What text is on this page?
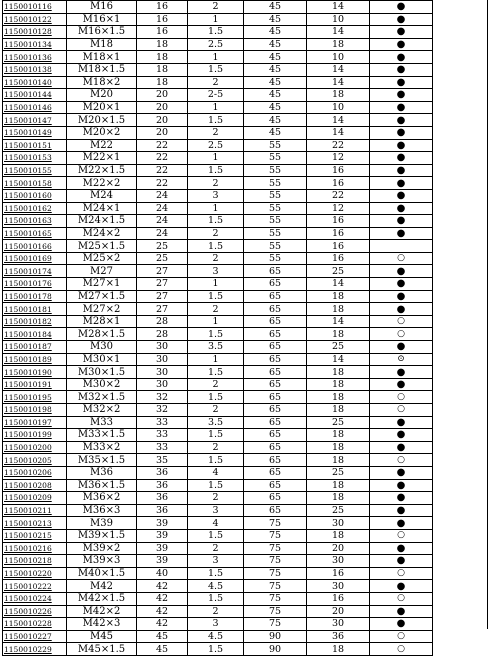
1150010116	M16	16	2	45	14	●
1150010122	M16×1	16	1	45	10	●
1150010128	M16×1.5	16	1.5	45	14	●
1150010134	M18	18	2.5	45	18	●
1150010136	M18×1	18	1	45	10	●
1150010138	M18×1.5	18	1.5	45	14	●
1150010140	M18×2	18	2	45	14	●
1150010144	M20	20	2-5	45	18	●
1150010146	M20×1	20	1	45	10	●
1150010147	M20×1.5	20	1.5	45	14	●
1150010149	M20×2	20	2	45	14	●
1150010151	M22	22	2.5	55	22	●
1150010153	M22×1	22	1	55	12	●
1150010155	M22×1.5	22	1.5	55	16	●
1150010158	M22×2	22	2	55	16	●
1150010160	M24	24	3	55	22	●
1150010162	M24×1	24	1	55	12	●
1150010163	M24×1.5	24	1.5	55	16	●
1150010165	M24×2	24	2	55	16	●
1150010166	M25×1.5	25	1.5	55	16	
1150010169	M25×2	25	2	55	16	○
1150010174	M27	27	3	65	25	●
1150010176	M27×1	27	1	65	14	●
1150010178	M27×1.5	27	1.5	65	18	●
1150010181	M27×2	27	2	65	18	●
1150010182	M28×1	28	1	65	14	○
1150010184	M28×1.5	28	1.5	65	18	○
1150010187	M30	30	3.5	65	25	●
1150010189	M30×1	30	1	65	14	⊙
1150010190	M30×1.5	30	1.5	65	18	●
1150010191	M30×2	30	2	65	18	●
1150010195	M32×1.5	32	1.5	65	18	○
1150010198	M32×2	32	2	65	18	○
1150010197	M33	33	3.5	65	25	●
1150010199	M33×1.5	33	1.5	65	18	●
1150010200	M33×2	33	2	65	18	●
1150010205	M35×1.5	35	1.5	65	18	○
1150010206	M36	36	4	65	25	●
1150010208	M36×1.5	36	1.5	65	18	●
1150010209	M36×2	36	2	65	18	●
1150010211	M36×3	36	3	65	25	●
1150010213	M39	39	4	75	30	●
1150010215	M39×1.5	39	1.5	75	18	○
1150010216	M39×2	39	2	75	20	●
1150010218	M39×3	39	3	75	30	●
1150010220	M40×1.5	40	1.5	75	16	○
1150010222	M42	42	4.5	75	30	●
1150010224	M42×1.5	42	1.5	75	16	○
1150010226	M42×2	42	2	75	20	●
1150010228	M42×3	42	3	75	30	●
1150010227	M45	45	4.5	90	36	○
1150010229	M45×1.5	45	1.5	90	18	○
